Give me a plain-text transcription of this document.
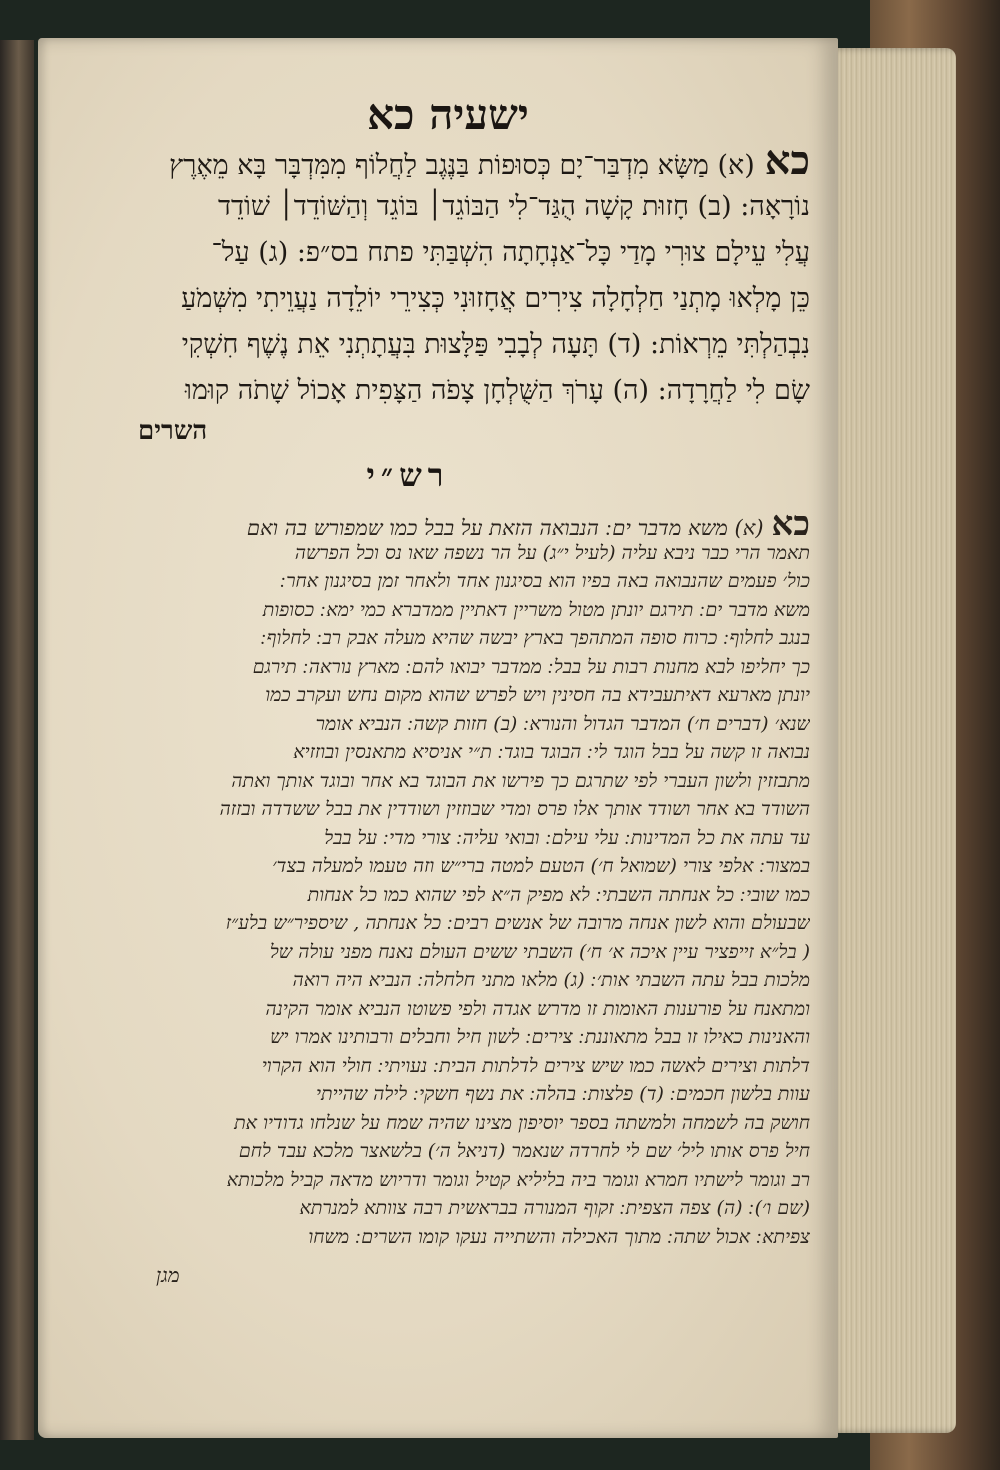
ישעיה כא
כא(א) מַשָּׂא מִדְבַּר־יָם כְּסוּפוֹת בַּנֶּגֶב לַחֲלוֹף מִמִּדְבָּר בָּא מֵאֶרֶץ
נוֹרָאָה: (ב) חָזוּת קָשָׁה הֻגַּד־לִי הַבּוֹגֵד׀ בּוֹגֵד וְהַשּׁוֹדֵד׀ שׁוֹדֵד
עֲלִי עֵילָם צוּרִי מָדַי כָּל־אַנְחָתָה הִשְׁבַּתִּי פתח בס״פ: (ג) עַל־
כֵּן מָלְאוּ מָתְנַי חַלְחָלָה צִירִים אֲחָזוּנִי כְּצִירֵי יוֹלֵדָה נַעֲוֵיתִי מִשְּׁמֹעַ
נִבְהַלְתִּי מֵרְאוֹת: (ד) תָּעָה לְבָבִי פַּלָּצוּת בִּעֲתָתְנִי אֵת נֶשֶׁף חִשְׁקִי
שָׂם לִי לַחֲרָדָה: (ה) עָרֹךְ הַשֻּׁלְחָן צָפֹה הַצָּפִית אָכוֹל שָׁתֹה קוּמוּ
השרים
רש״י
כא(א) משא מדבר ים ׃ הנבואה הזאת על בבל כמו שמפורש בה ואם
תאמר הרי כבר ניבא עליה (לעיל י״ג) על הר נשפה שאו נס וכל הפרשה
כול׳ פעמים שהנבואה באה בפיו הוא בסיגנון אחד ולאחר זמן בסיגנון אחר ׃
משא מדבר ים ׃ תירגם יונתן מטול משריין דאתיין ממדברא כמי ימא ׃ כסופות
בנגב לחלוף ׃ כרוח סופה המתהפך בארץ יבשה שהיא מעלה אבק רב ׃ לחלוף ׃
כך יחליפו לבא מחנות רבות על בבל ׃ ממדבר יבואו להם ׃ מארץ נוראה ׃ תירגם
יונתן מארעא דאיתעבידא בה חסינין ויש לפרש שהוא מקום נחש ועקרב כמו
שנא׳ (דברים ח׳) המדבר הגדול והנורא ׃ (ב) חזות קשה ׃ הנביא אומר
נבואה זו קשה על בבל הוגד לי ׃ הבוגד בוגד ׃ ת״י אניסיא מתאנסין ובוזזיא
מתבזזין ולשון העברי לפי שתרגם כך פירשו את הבוגד בא אחר ובוגד אותך ואתה
השודד בא אחר ושודד אותך אלו פרס ומדי שבוזזין ושודדין את בבל ששדדה ובזזה
עד עתה את כל המדינות ׃ עלי עילם ׃ ובואי עליה ׃ צורי מדי ׃ על בבל
במצור ׃ אלפי צורי (שמואל ח׳) הטעם למטה ברי״ש וזה טעמו למעלה בצד׳
כמו שובי ׃ כל אנחתה השבתי ׃ לא מפיק ה״א לפי שהוא כמו כל אנחות
שבעולם והוא לשון אנחה מרובה של אנשים רבים ׃ כל אנחתה , שיספיר״ש בלע״ז
( בל״א זייפציר עיין איכה א׳ ח׳) השבתי ששים העולם נאנח מפני עולה של
מלכות בבל עתה השבתי אות׳ ׃ (ג) מלאו מתני חלחלה ׃ הנביא היה רואה
ומתאנח על פורענות האומות זו מדרש אגדה ולפי פשוטו הנביא אומר הקינה
והאנינות כאילו זו בבל מתאוננת ׃ צירים ׃ לשון חיל וחבלים ורבותינו אמרו יש
דלתות וצירים לאשה כמו שיש צירים לדלתות הבית ׃ נעויתי ׃ חולי הוא הקרוי
עוות בלשון חכמים ׃ (ד) פלצות ׃ בהלה ׃ את נשף חשקי ׃ לילה שהייתי
חושק בה לשמחה ולמשתה בספר יוסיפון מצינו שהיה שמח על שנלחו גדודיו את
חיל פרס אותו ליל׳ שם לי לחרדה שנאמר (דניאל ה׳) בלשאצר מלכא עבד לחם
רב וגומר לישתיו חמרא וגומר ביה בליליא קטיל וגומר ודריוש מדאה קביל מלכותא
(שם ו׳) ׃ (ה) צפה הצפית ׃ זקוף המנורה בבראשית רבה צוותא למנרתא
צפיתא ׃ אכול שתה ׃ מתוך האכילה והשתייה נעקו קומו השרים ׃ משחו
מגן
